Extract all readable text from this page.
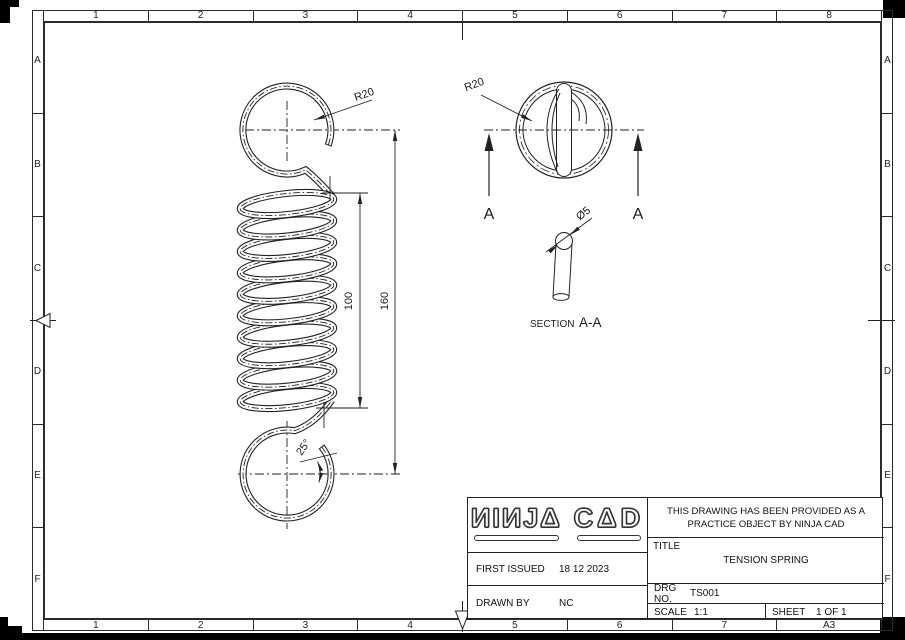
1	2	3	4	5	6	7	8
1	2	3	4	5	6	7	A3
A
B
C
D
E
F
A
B
C
D
E
F
100 160
R20
25°
R20
A	A
Ø5
SECTION A-A
ИIИJΔ CΔD
FIRST ISSUED	18 12 2023
DRAWN BY	NC
THIS DRAWING HAS BEEN PROVIDED AS A
PRACTICE OBJECT BY NINJA CAD
TITLE
TENSION SPRING
DRG NO.	TS001
SCALE 1:1	SHEET	1 OF 1
